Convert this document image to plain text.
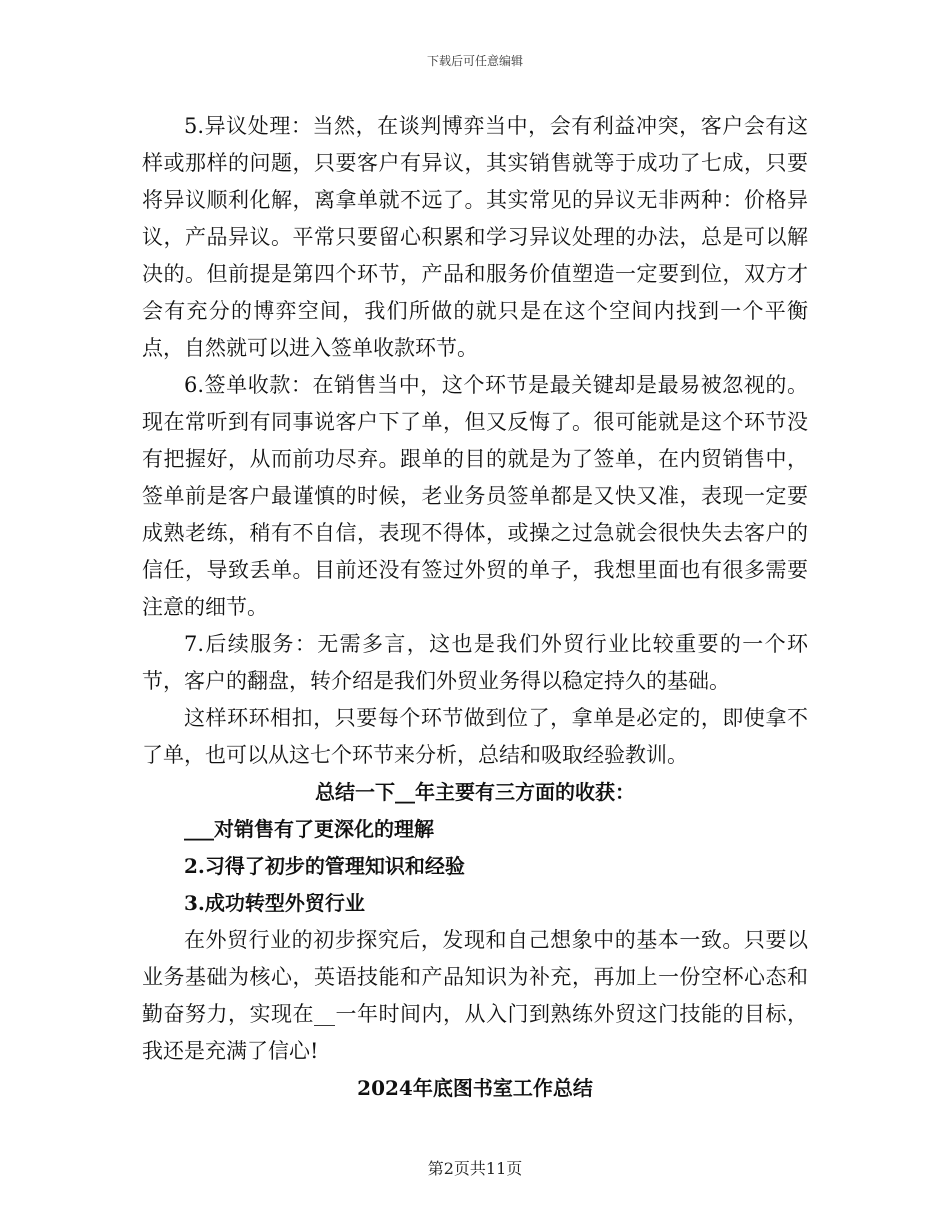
下载后可任意编辑

5.异议处理：当然，在谈判博弈当中，会有利益冲突，客户会有这样或那样的问题，只要客户有异议，其实销售就等于成功了七成，只要将异议顺利化解，离拿单就不远了。其实常见的异议无非两种：价格异议，产品异议。平常只要留心积累和学习异议处理的办法，总是可以解决的。但前提是第四个环节，产品和服务价值塑造一定要到位，双方才会有充分的博弈空间，我们所做的就只是在这个空间内找到一个平衡点，自然就可以进入签单收款环节。

6.签单收款：在销售当中，这个环节是最关键却是最易被忽视的。现在常听到有同事说客户下了单，但又反悔了。很可能就是这个环节没有把握好，从而前功尽弃。跟单的目的就是为了签单，在内贸销售中，签单前是客户最谨慎的时候，老业务员签单都是又快又准，表现一定要成熟老练，稍有不自信，表现不得体，或操之过急就会很快失去客户的信任，导致丢单。目前还没有签过外贸的单子，我想里面也有很多需要注意的细节。

7.后续服务：无需多言，这也是我们外贸行业比较重要的一个环节，客户的翻盘，转介绍是我们外贸业务得以稳定持久的基础。

这样环环相扣，只要每个环节做到位了，拿单是必定的，即使拿不了单，也可以从这七个环节来分析，总结和吸取经验教训。

总结一下__年主要有三方面的收获：

___对销售有了更深化的理解

2.习得了初步的管理知识和经验

3.成功转型外贸行业

在外贸行业的初步探究后，发现和自己想象中的基本一致。只要以业务基础为核心，英语技能和产品知识为补充，再加上一份空杯心态和勤奋努力，实现在__一年时间内，从入门到熟练外贸这门技能的目标，我还是充满了信心!

2024年底图书室工作总结

第2页共11页
